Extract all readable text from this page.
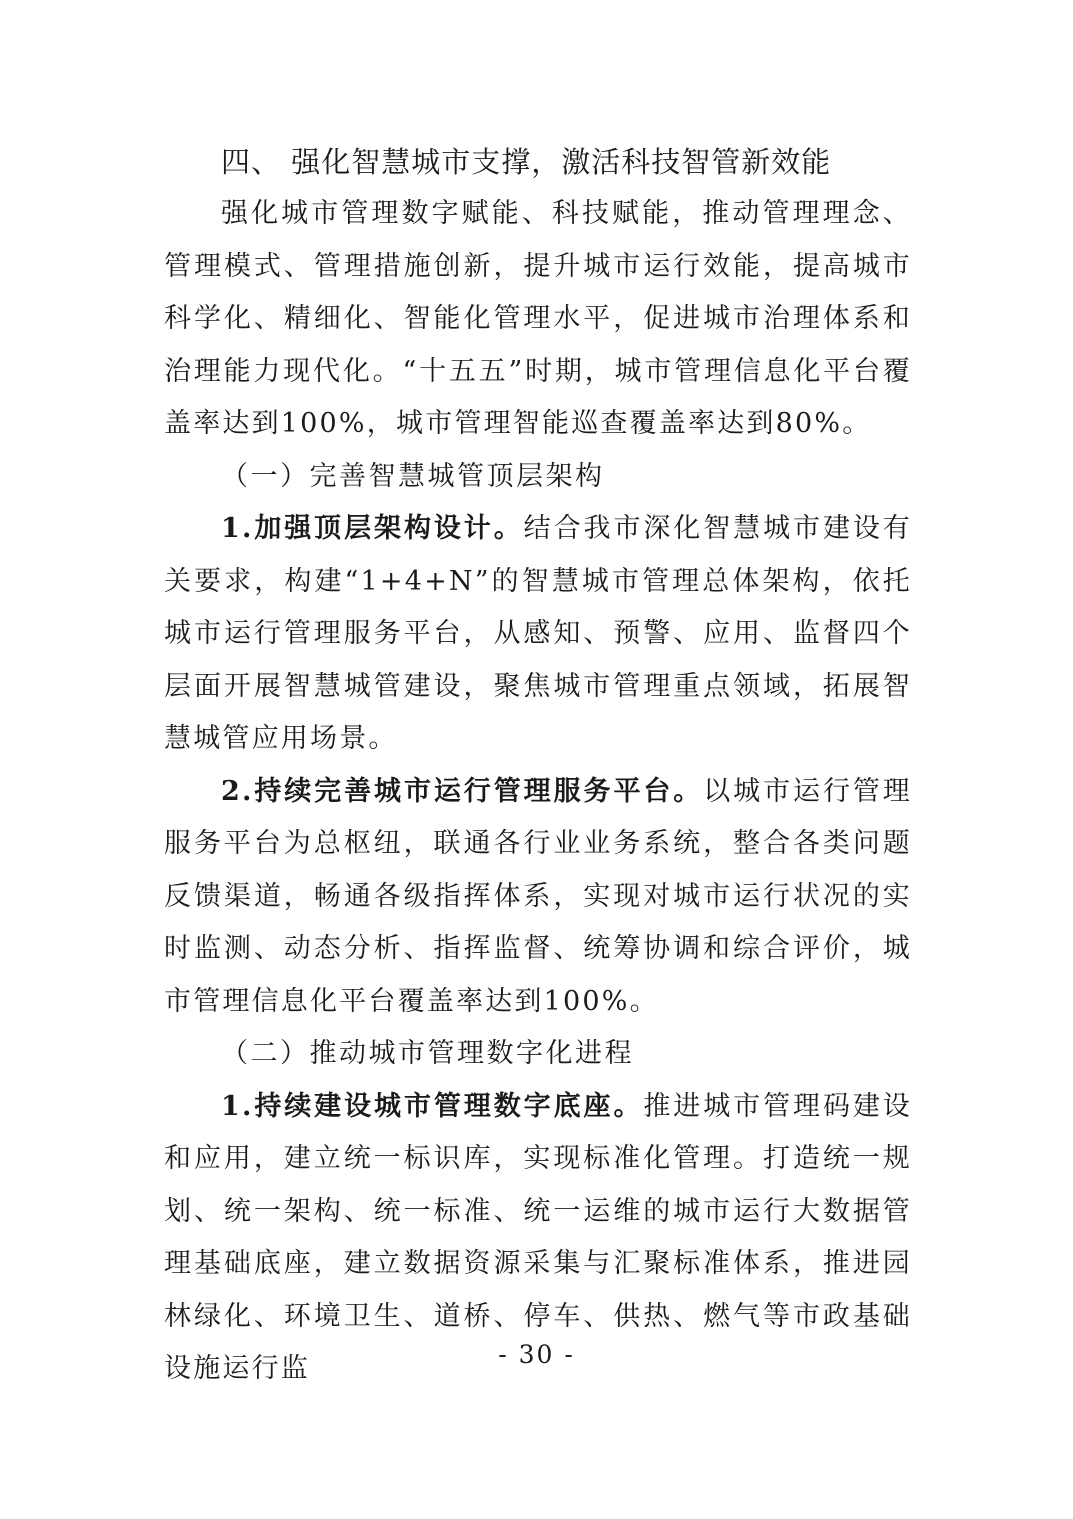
四、 强化智慧城市支撑，激活科技智管新效能

强化城市管理数字赋能、科技赋能，推动管理理念、管理模式、管理措施创新，提升城市运行效能，提高城市科学化、精细化、智能化管理水平，促进城市治理体系和治理能力现代化。“十五五”时期，城市管理信息化平台覆盖率达到100%，城市管理智能巡查覆盖率达到80%。

（一）完善智慧城管顶层架构

1.加强顶层架构设计。结合我市深化智慧城市建设有关要求，构建“1+4+N”的智慧城市管理总体架构，依托城市运行管理服务平台，从感知、预警、应用、监督四个层面开展智慧城管建设，聚焦城市管理重点领域，拓展智慧城管应用场景。

2.持续完善城市运行管理服务平台。以城市运行管理服务平台为总枢纽，联通各行业业务系统，整合各类问题反馈渠道，畅通各级指挥体系，实现对城市运行状况的实时监测、动态分析、指挥监督、统筹协调和综合评价，城市管理信息化平台覆盖率达到100%。

（二）推动城市管理数字化进程

1.持续建设城市管理数字底座。推进城市管理码建设和应用，建立统一标识库，实现标准化管理。打造统一规划、统一架构、统一标准、统一运维的城市运行大数据管理基础底座，建立数据资源采集与汇聚标准体系，推进园林绿化、环境卫生、道桥、停车、供热、燃气等市政基础设施运行监	- 30 -
